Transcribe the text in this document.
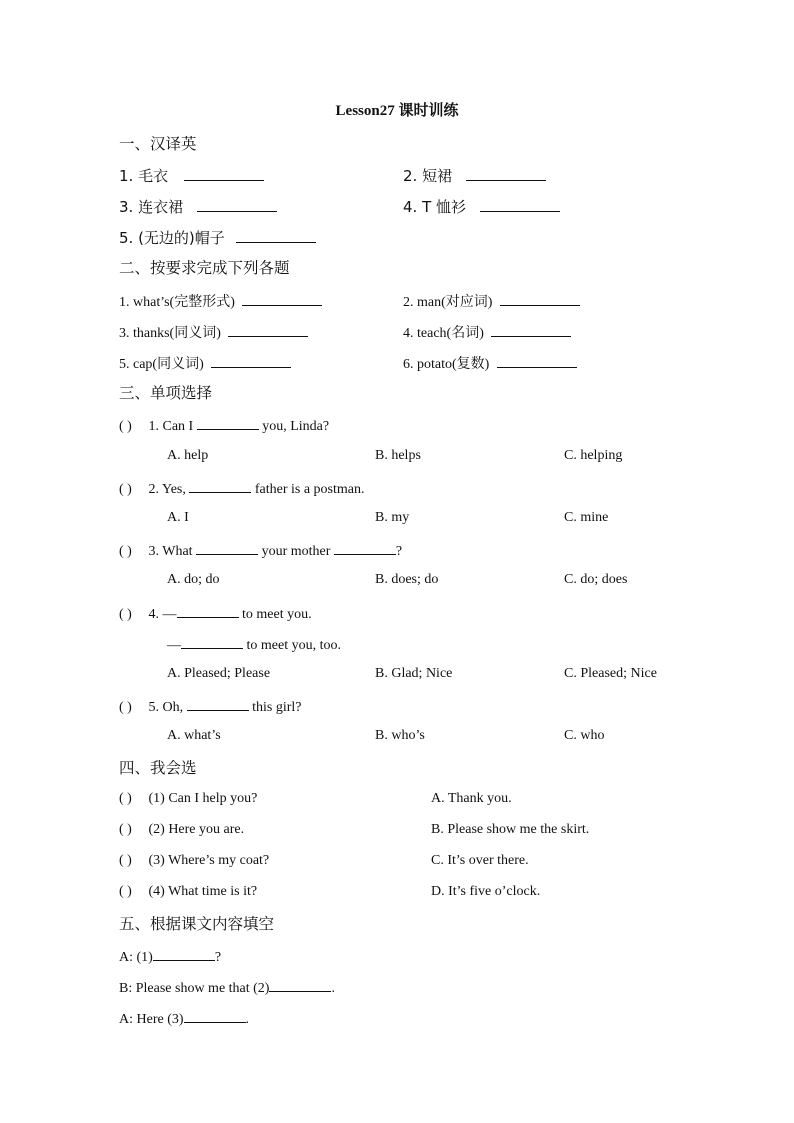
Lesson27 课时训练
一、汉译英
1. 毛衣	2. 短裙
3. 连衣裙	4. T 恤衫
5. (无边的)帽子
二、按要求完成下列各题
1. what’s(完整形式)	2. man(对应词)
3. thanks(同义词)	4. teach(名词)
5. cap(同义词)	6. potato(复数)
三、单项选择
( ) 1. Can I	you, Linda?
A. help	B. helps	C. helping
( ) 2. Yes,	father is a postman.
A. I	B. my	C. mine
( ) 3. What	your mother	?
A. do; do	B. does; do	C. do; does
( ) 4. —	to meet you.
—	to meet you, too.
A. Pleased; Please	B. Glad; Nice	C. Pleased; Nice
( ) 5. Oh,	this girl?
A. what’s	B. who’s	C. who
四、我会选
( ) (1) Can I help you?	A. Thank you.
( ) (2) Here you are.	B. Please show me the skirt.
( ) (3) Where’s my coat?	C. It’s over there.
( ) (4) What time is it?	D. It’s five o’clock.
五、根据课文内容填空
A: (1)	?
B: Please show me that (2)	.
A: Here (3)	.
